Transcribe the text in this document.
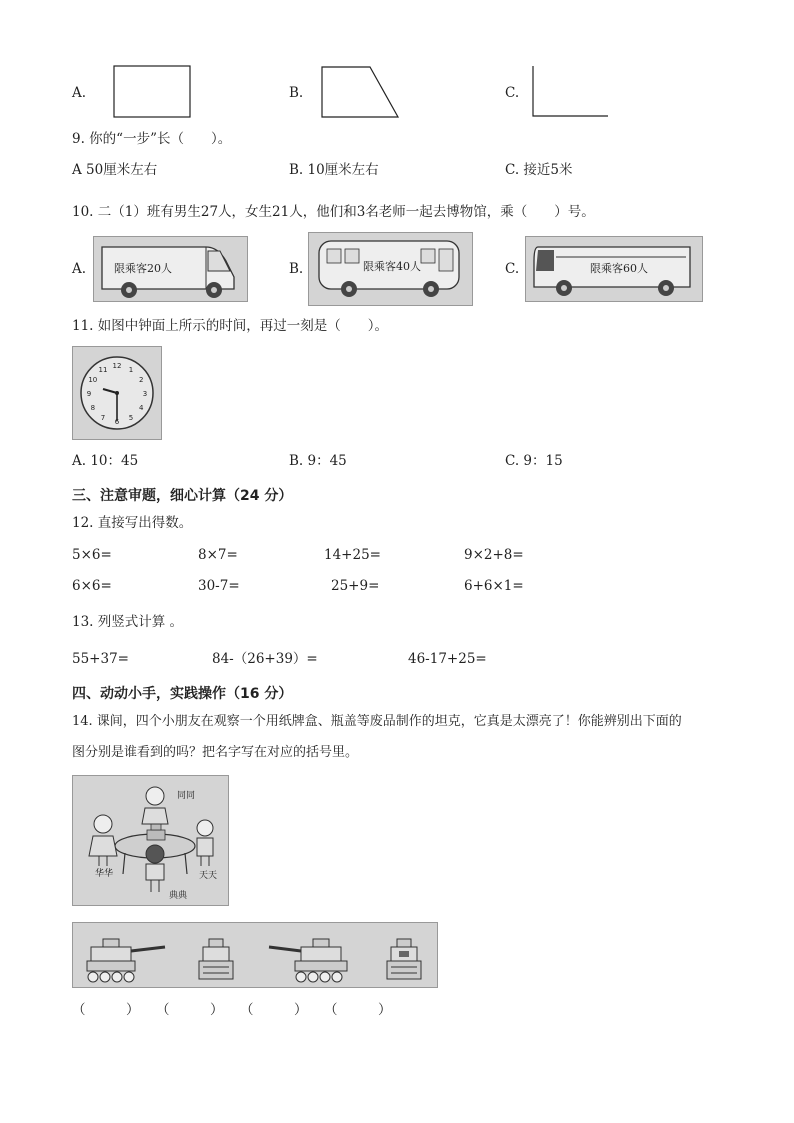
A.	B.	C.
9. 你的“一步”长（　　）。
A 50厘米左右	B. 10厘米左右	C. 接近5米
10. 二（1）班有男生27人，女生21人，他们和3名老师一起去博物馆，乘（　　）号。
A.	限乘客20人	B.	限乘客40人	C.	限乘客60人
11. 如图中钟面上所示的时间，再过一刻是（　　）。
12 1
2
3
4
5
6
7
8
9
10
11
A. 10：45	B. 9：45	C. 9：15
三、注意审题，细心计算（24 分）
12. 直接写出得数。
5×6=	8×7=	14+25=	9×2+8=
6×6=	30-7=	25+9=	6+6×1=
13. 列竖式计算 。
55+37=	84-（26+39）=	46-17+25=
四、动动小手，实践操作（16 分）
14. 课间，四个小朋友在观察一个用纸牌盒、瓶盖等废品制作的坦克，它真是太漂亮了！你能辨别出下面的
图分别是谁看到的吗？把名字写在对应的括号里。
同同
华华	天天
典典
（　　　） （　　　） （　　　） （　　　）
